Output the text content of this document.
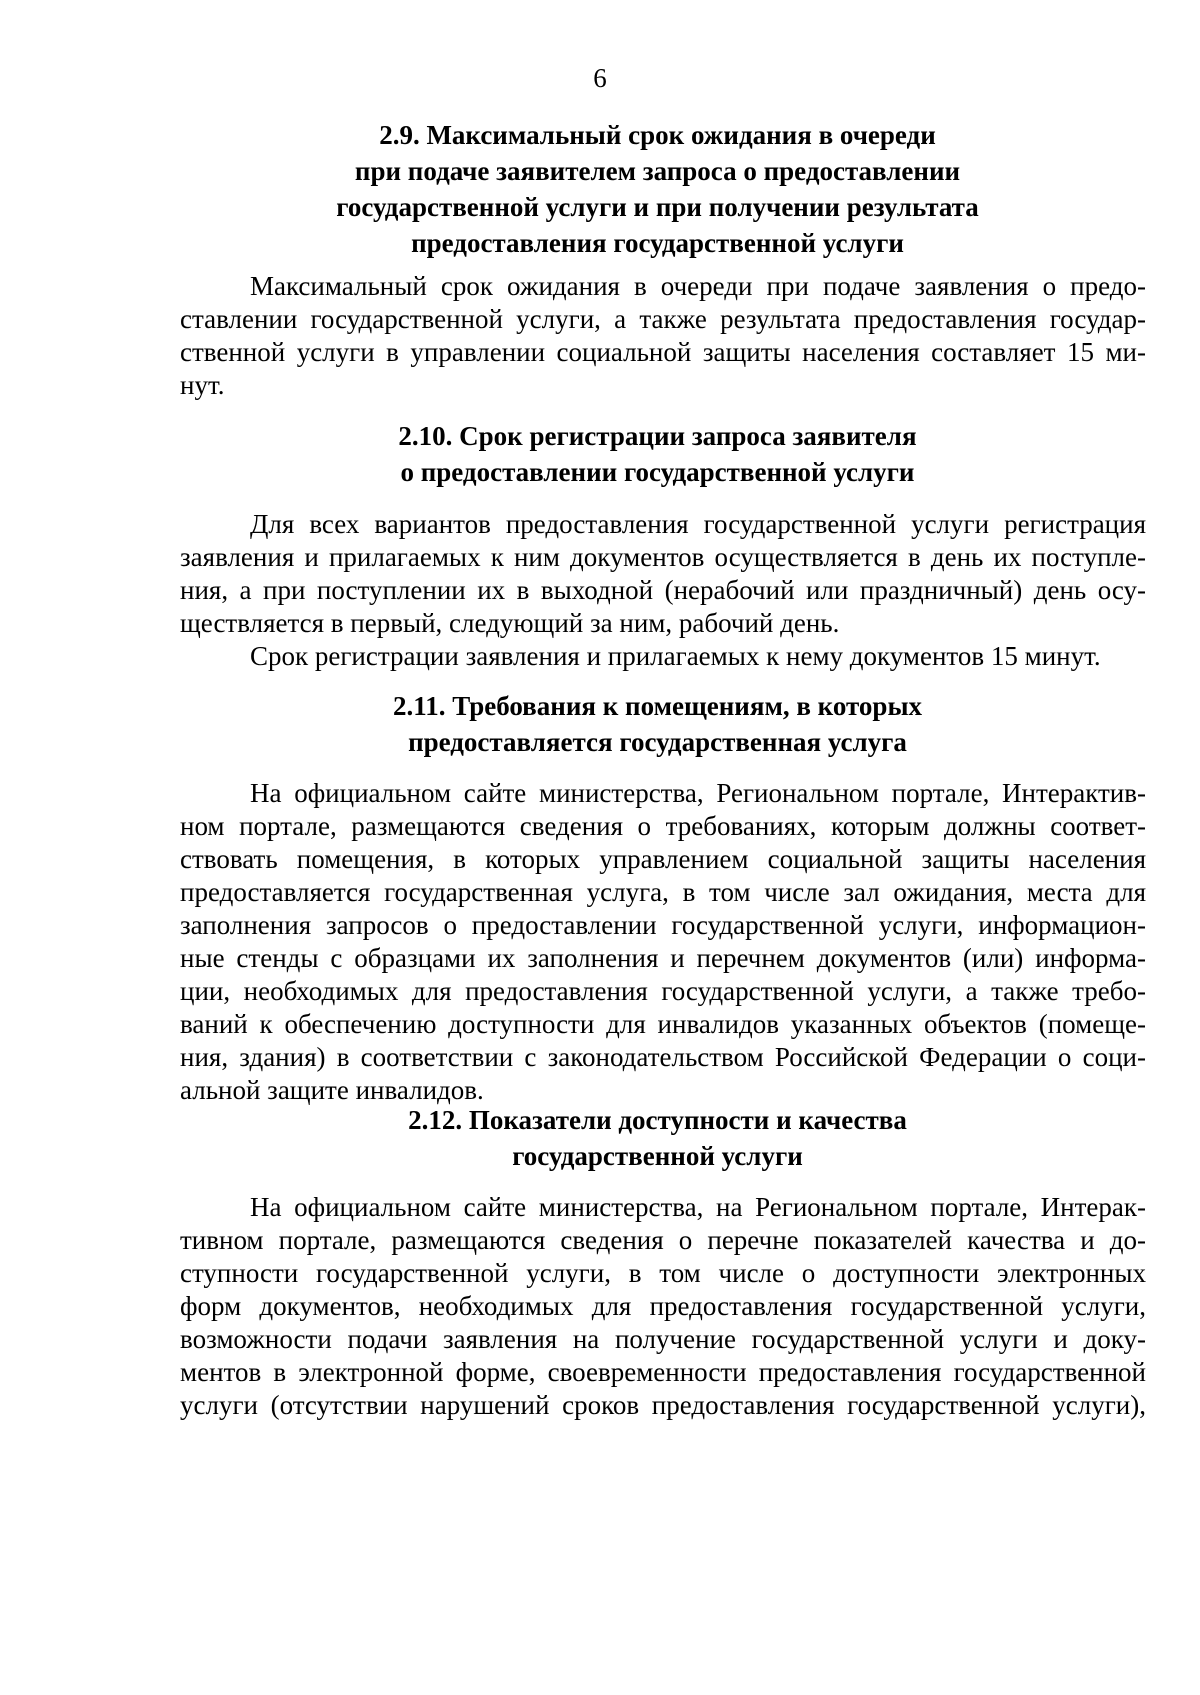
6
2.9. Максимальный срок ожидания в очереди
при подаче заявителем запроса о предоставлении
государственной услуги и при получении результата
предоставления государственной услуги
Максимальный срок ожидания в очереди при подаче заявления о предо-
ставлении государственной услуги, а также результата предоставления государ-
ственной услуги в управлении социальной защиты населения составляет 15 ми-
нут.
2.10. Срок регистрации запроса заявителя
о предоставлении государственной услуги
Для всех вариантов предоставления государственной услуги регистрация
заявления и прилагаемых к ним документов осуществляется в день их поступле-
ния, а при поступлении их в выходной (нерабочий или праздничный) день осу-
ществляется в первый, следующий за ним, рабочий день.
Срок регистрации заявления и прилагаемых к нему документов 15 минут.
2.11. Требования к помещениям, в которых
предоставляется государственная услуга
На официальном сайте министерства, Региональном портале, Интерактив-
ном портале, размещаются сведения о требованиях, которым должны соответ-
ствовать помещения, в которых управлением социальной защиты населения
предоставляется государственная услуга, в том числе зал ожидания, места для
заполнения запросов о предоставлении государственной услуги, информацион-
ные стенды с образцами их заполнения и перечнем документов (или) информа-
ции, необходимых для предоставления государственной услуги, а также требо-
ваний к обеспечению доступности для инвалидов указанных объектов (помеще-
ния, здания) в соответствии с законодательством Российской Федерации о соци-
альной защите инвалидов.
2.12. Показатели доступности и качества
государственной услуги
На официальном сайте министерства, на Региональном портале, Интерак-
тивном портале, размещаются сведения о перечне показателей качества и до-
ступности государственной услуги, в том числе о доступности электронных
форм документов, необходимых для предоставления государственной услуги,
возможности подачи заявления на получение государственной услуги и доку-
ментов в электронной форме, своевременности предоставления государственной
услуги (отсутствии нарушений сроков предоставления государственной услуги),
